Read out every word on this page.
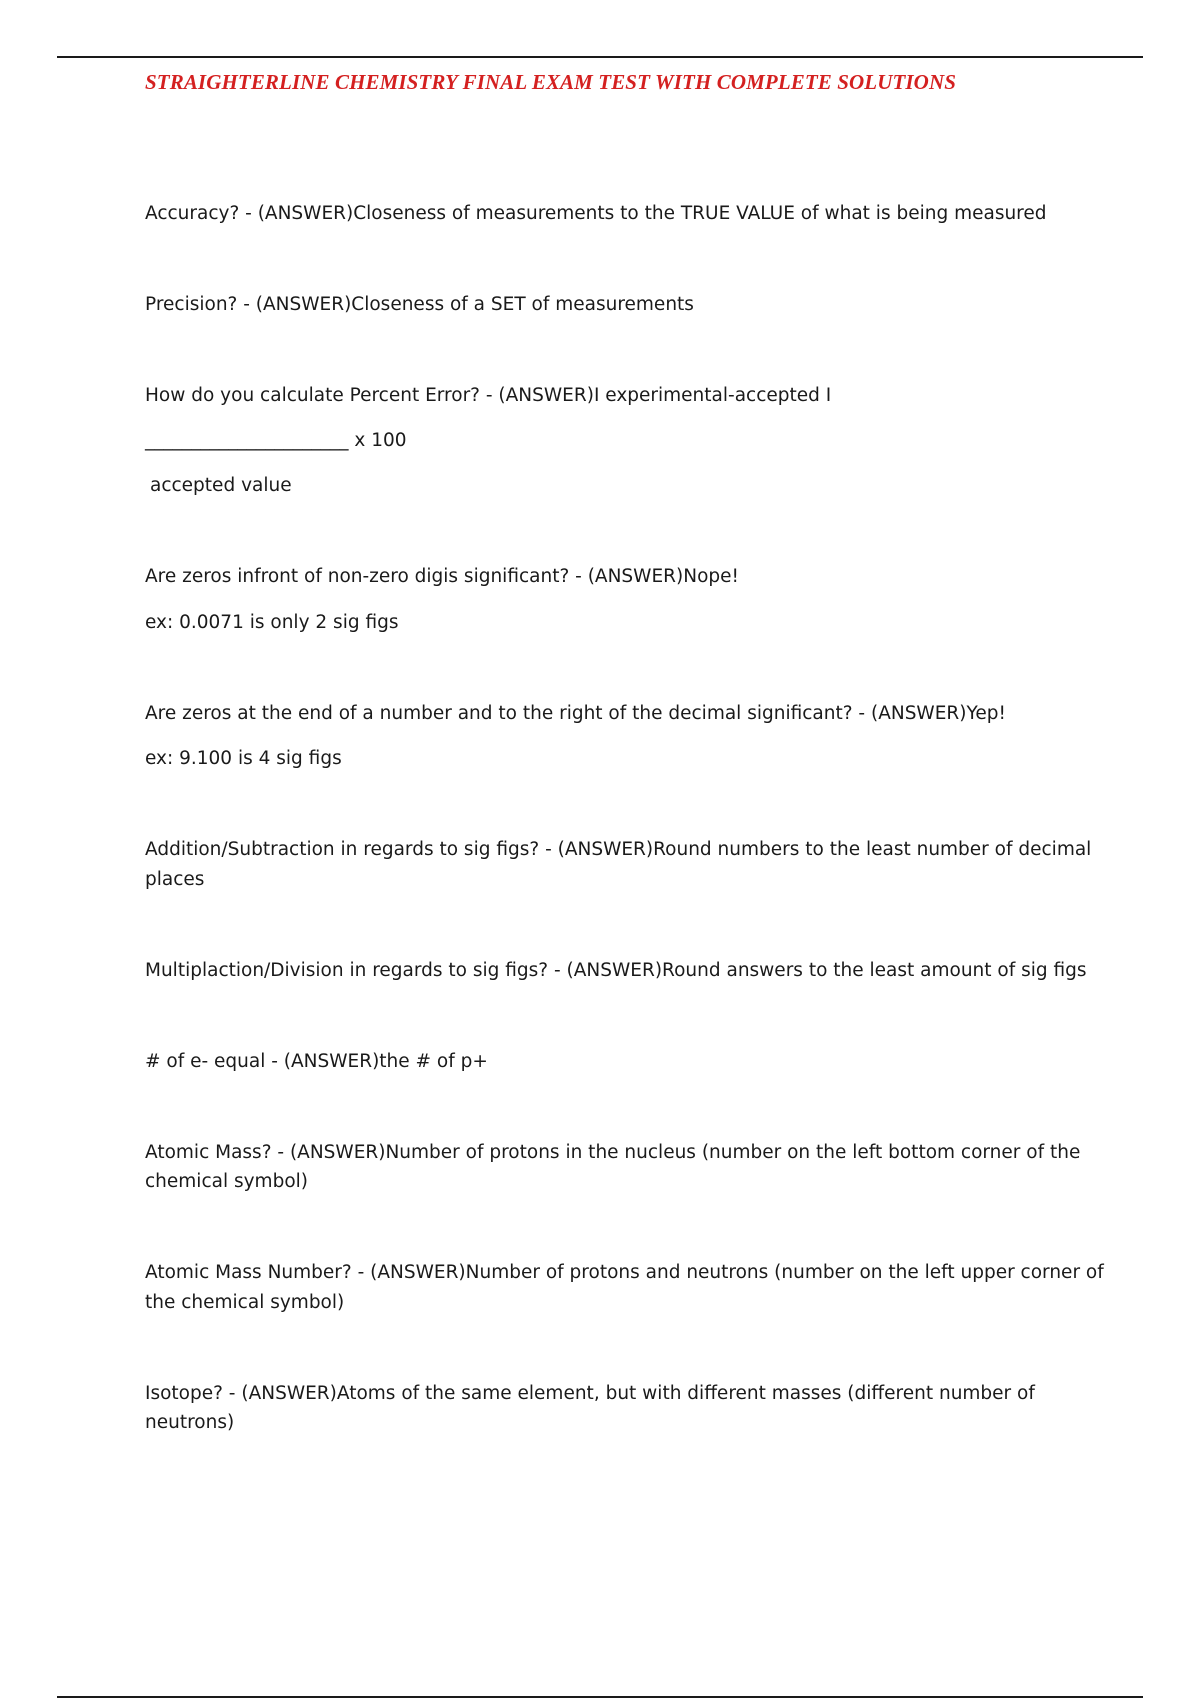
STRAIGHTERLINE CHEMISTRY FINAL EXAM TEST WITH COMPLETE SOLUTIONS
Accuracy? - (ANSWER)Closeness of measurements to the TRUE VALUE of what is being measured
Precision? - (ANSWER)Closeness of a SET of measurements
How do you calculate Percent Error? - (ANSWER)I experimental-accepted I
______________________ x 100
accepted value
Are zeros infront of non-zero digis significant? - (ANSWER)Nope!
ex: 0.0071 is only 2 sig figs
Are zeros at the end of a number and to the right of the decimal significant? - (ANSWER)Yep!
ex: 9.100 is 4 sig figs
Addition/Subtraction in regards to sig figs? - (ANSWER)Round numbers to the least number of decimal
places
Multiplaction/Division in regards to sig figs? - (ANSWER)Round answers to the least amount of sig figs
# of e- equal - (ANSWER)the # of p+
Atomic Mass? - (ANSWER)Number of protons in the nucleus (number on the left bottom corner of the
chemical symbol)
Atomic Mass Number? - (ANSWER)Number of protons and neutrons (number on the left upper corner of
the chemical symbol)
Isotope? - (ANSWER)Atoms of the same element, but with different masses (different number of
neutrons)
